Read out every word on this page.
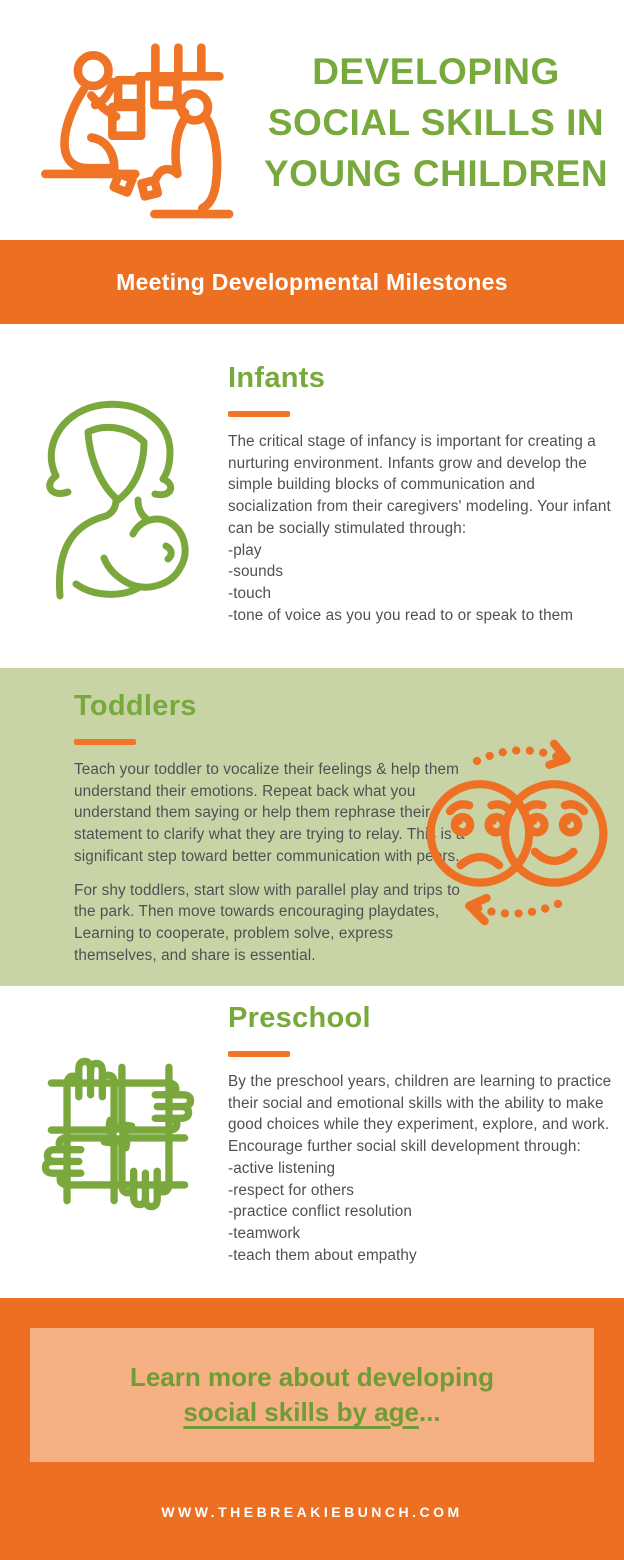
DEVELOPING
SOCIAL SKILLS IN
YOUNG CHILDREN
Meeting Developmental Milestones
Infants
The critical stage of infancy is important for creating a nurturing environment. Infants grow and develop the simple building blocks of communication and socialization from their caregivers' modeling. Your infant can be socially stimulated through:
-play
-sounds
-touch
-tone of voice as you you read to or speak to them
Toddlers
Teach your toddler to vocalize their feelings & help them understand their emotions. Repeat back what you understand them saying or help them rephrase their statement to clarify what they are trying to relay. This is a significant step toward better communication with peers.
For shy toddlers, start slow with parallel play and trips to the park. Then move towards encouraging playdates, Learning to cooperate, problem solve, express themselves, and share is essential.
Preschool
By the preschool years, children are learning to practice their social and emotional skills with the ability to make good choices while they experiment, explore, and work. Encourage further social skill development through:
-active listening
-respect for others
-practice conflict resolution
-teamwork
-teach them about empathy
Learn more about developing
social skills by age...
WWW.THEBREAKIEBUNCH.COM
